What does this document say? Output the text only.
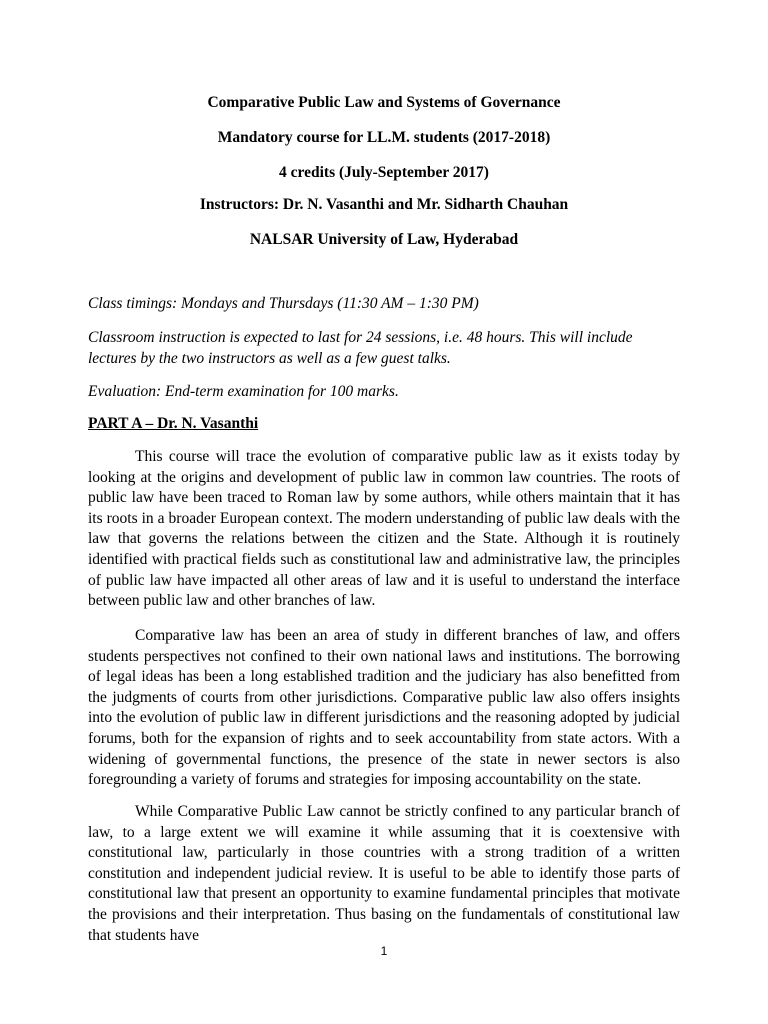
Comparative Public Law and Systems of Governance
Mandatory course for LL.M. students (2017-2018)
4 credits (July-September 2017)
Instructors: Dr. N. Vasanthi and Mr. Sidharth Chauhan
NALSAR University of Law, Hyderabad
Class timings: Mondays and Thursdays (11:30 AM – 1:30 PM)
Classroom instruction is expected to last for 24 sessions, i.e. 48 hours. This will include lectures by the two instructors as well as a few guest talks.
Evaluation: End-term examination for 100 marks.
PART A – Dr. N. Vasanthi

This course will trace the evolution of comparative public law as it exists today by looking at the origins and development of public law in common law countries. The roots of public law have been traced to Roman law by some authors, while others maintain that it has its roots in a broader European context. The modern understanding of public law deals with the law that governs the relations between the citizen and the State. Although it is routinely identified with practical fields such as constitutional law and administrative law, the principles of public law have impacted all other areas of law and it is useful to understand the interface between public law and other branches of law.

Comparative law has been an area of study in different branches of law, and offers students perspectives not confined to their own national laws and institutions. The borrowing of legal ideas has been a long established tradition and the judiciary has also benefitted from the judgments of courts from other jurisdictions. Comparative public law also offers insights into the evolution of public law in different jurisdictions and the reasoning adopted by judicial forums, both for the expansion of rights and to seek accountability from state actors. With a widening of governmental functions, the presence of the state in newer sectors is also foregrounding a variety of forums and strategies for imposing accountability on the state.

While Comparative Public Law cannot be strictly confined to any particular branch of law, to a large extent we will examine it while assuming that it is coextensive with constitutional law, particularly in those countries with a strong tradition of a written constitution and independent judicial review. It is useful to be able to identify those parts of constitutional law that present an opportunity to examine fundamental principles that motivate the provisions and their interpretation. Thus basing on the fundamentals of constitutional law that students have

1
